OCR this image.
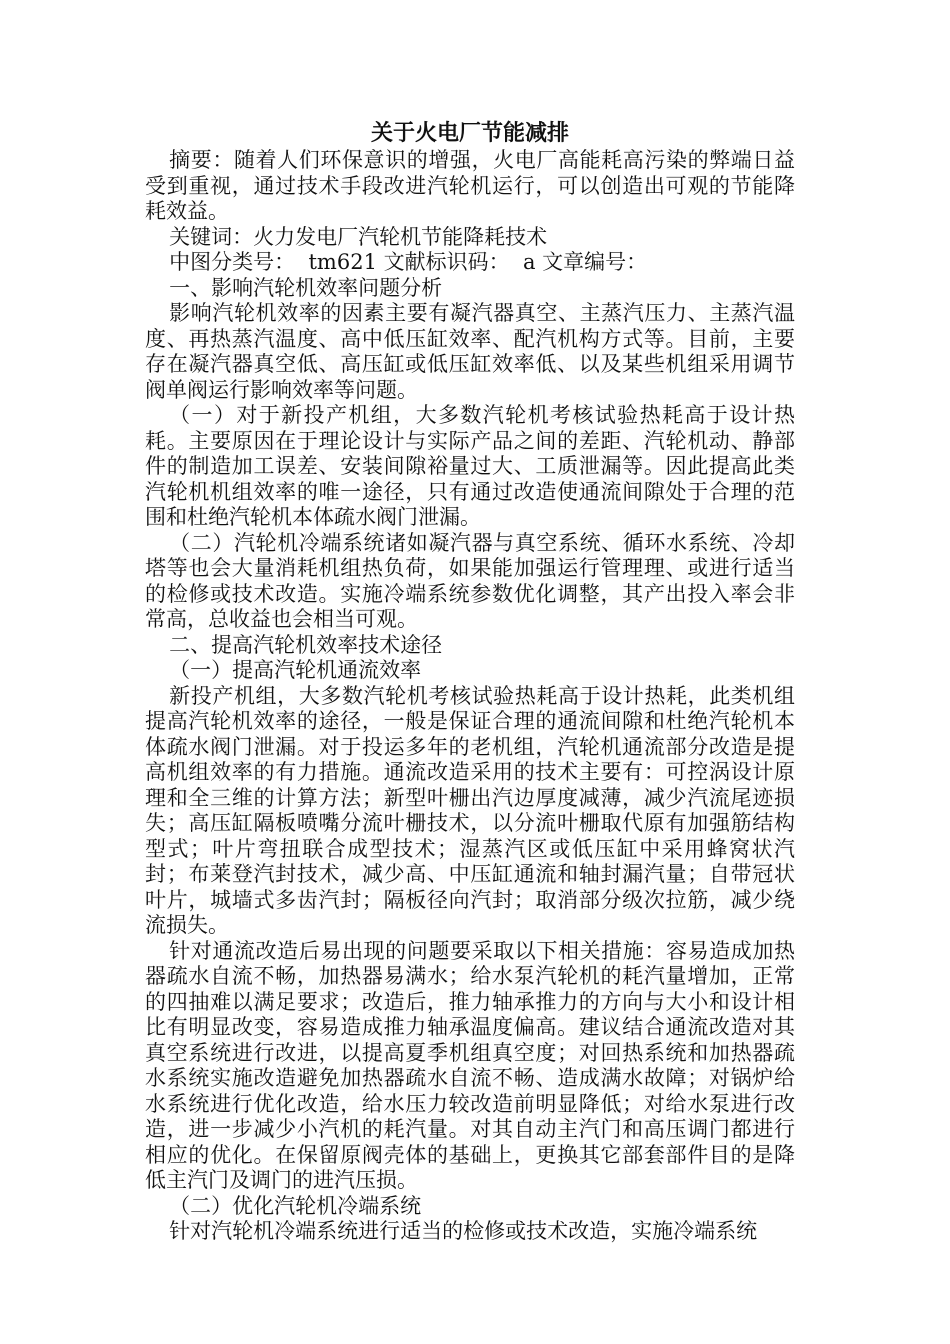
关于火电厂节能减排

摘要：随着人们环保意识的增强，火电厂高能耗高污染的弊端日益受到重视，通过技术手段改进汽轮机运行，可以创造出可观的节能降耗效益。

关键词：火力发电厂汽轮机节能降耗技术

中图分类号：  tm621 文献标识码：  a 文章编号：

一、影响汽轮机效率问题分析

影响汽轮机效率的因素主要有凝汽器真空、主蒸汽压力、主蒸汽温度、再热蒸汽温度、高中低压缸效率、配汽机构方式等。目前，主要存在凝汽器真空低、高压缸或低压缸效率低、以及某些机组采用调节阀单阀运行影响效率等问题。

（一）对于新投产机组，大多数汽轮机考核试验热耗高于设计热耗。主要原因在于理论设计与实际产品之间的差距、汽轮机动、静部件的制造加工误差、安装间隙裕量过大、工质泄漏等。因此提高此类汽轮机机组效率的唯一途径，只有通过改造使通流间隙处于合理的范围和杜绝汽轮机本体疏水阀门泄漏。

（二）汽轮机冷端系统诸如凝汽器与真空系统、循环水系统、冷却塔等也会大量消耗机组热负荷，如果能加强运行管理理、或进行适当的检修或技术改造。实施冷端系统参数优化调整，其产出投入率会非常高，总收益也会相当可观。

二、提高汽轮机效率技术途径

（一）提高汽轮机通流效率

新投产机组，大多数汽轮机考核试验热耗高于设计热耗，此类机组提高汽轮机效率的途径，一般是保证合理的通流间隙和杜绝汽轮机本体疏水阀门泄漏。对于投运多年的老机组，汽轮机通流部分改造是提高机组效率的有力措施。通流改造采用的技术主要有：可控涡设计原理和全三维的计算方法；新型叶栅出汽边厚度减薄，减少汽流尾迹损失；高压缸隔板喷嘴分流叶栅技术，以分流叶栅取代原有加强筋结构型式；叶片弯扭联合成型技术；湿蒸汽区或低压缸中采用蜂窝状汽封；布莱登汽封技术，减少高、中压缸通流和轴封漏汽量；自带冠状叶片，城墙式多齿汽封；隔板径向汽封；取消部分级次拉筋，减少绕流损失。

针对通流改造后易出现的问题要采取以下相关措施：容易造成加热器疏水自流不畅，加热器易满水；给水泵汽轮机的耗汽量增加，正常的四抽难以满足要求；改造后，推力轴承推力的方向与大小和设计相比有明显改变，容易造成推力轴承温度偏高。建议结合通流改造对其真空系统进行改进，以提高夏季机组真空度；对回热系统和加热器疏水系统实施改造避免加热器疏水自流不畅、造成满水故障；对锅炉给水系统进行优化改造，给水压力较改造前明显降低；对给水泵进行改造，进一步减少小汽机的耗汽量。对其自动主汽门和高压调门都进行相应的优化。在保留原阀壳体的基础上，更换其它部套部件目的是降低主汽门及调门的进汽压损。

（二）优化汽轮机冷端系统

针对汽轮机冷端系统进行适当的检修或技术改造，实施冷端系统
